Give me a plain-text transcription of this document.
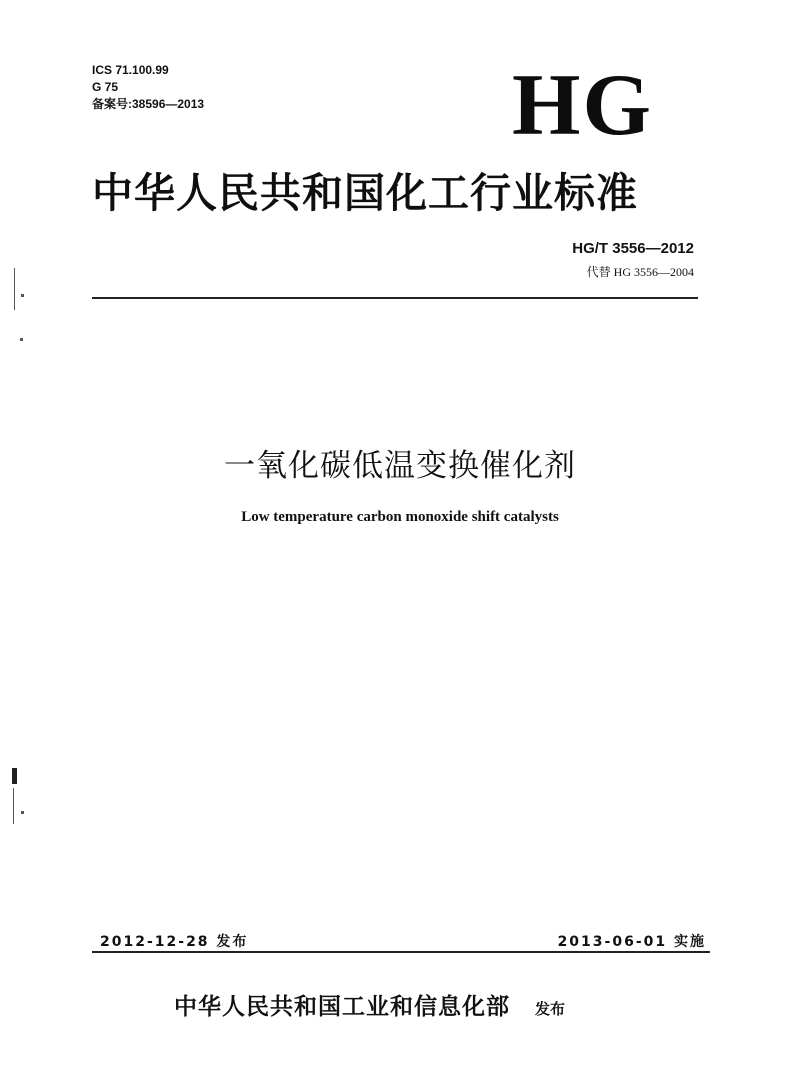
ICS 71.100.99
G 75
备案号:38596—2013	HG
中华人民共和国化工行业标准
HG/T 3556—2012
代替 HG 3556—2004
一氧化碳低温变换催化剂
Low temperature carbon monoxide shift catalysts
2012-12-28 发布	2013-06-01 实施
中华人民共和国工业和信息化部 发布
